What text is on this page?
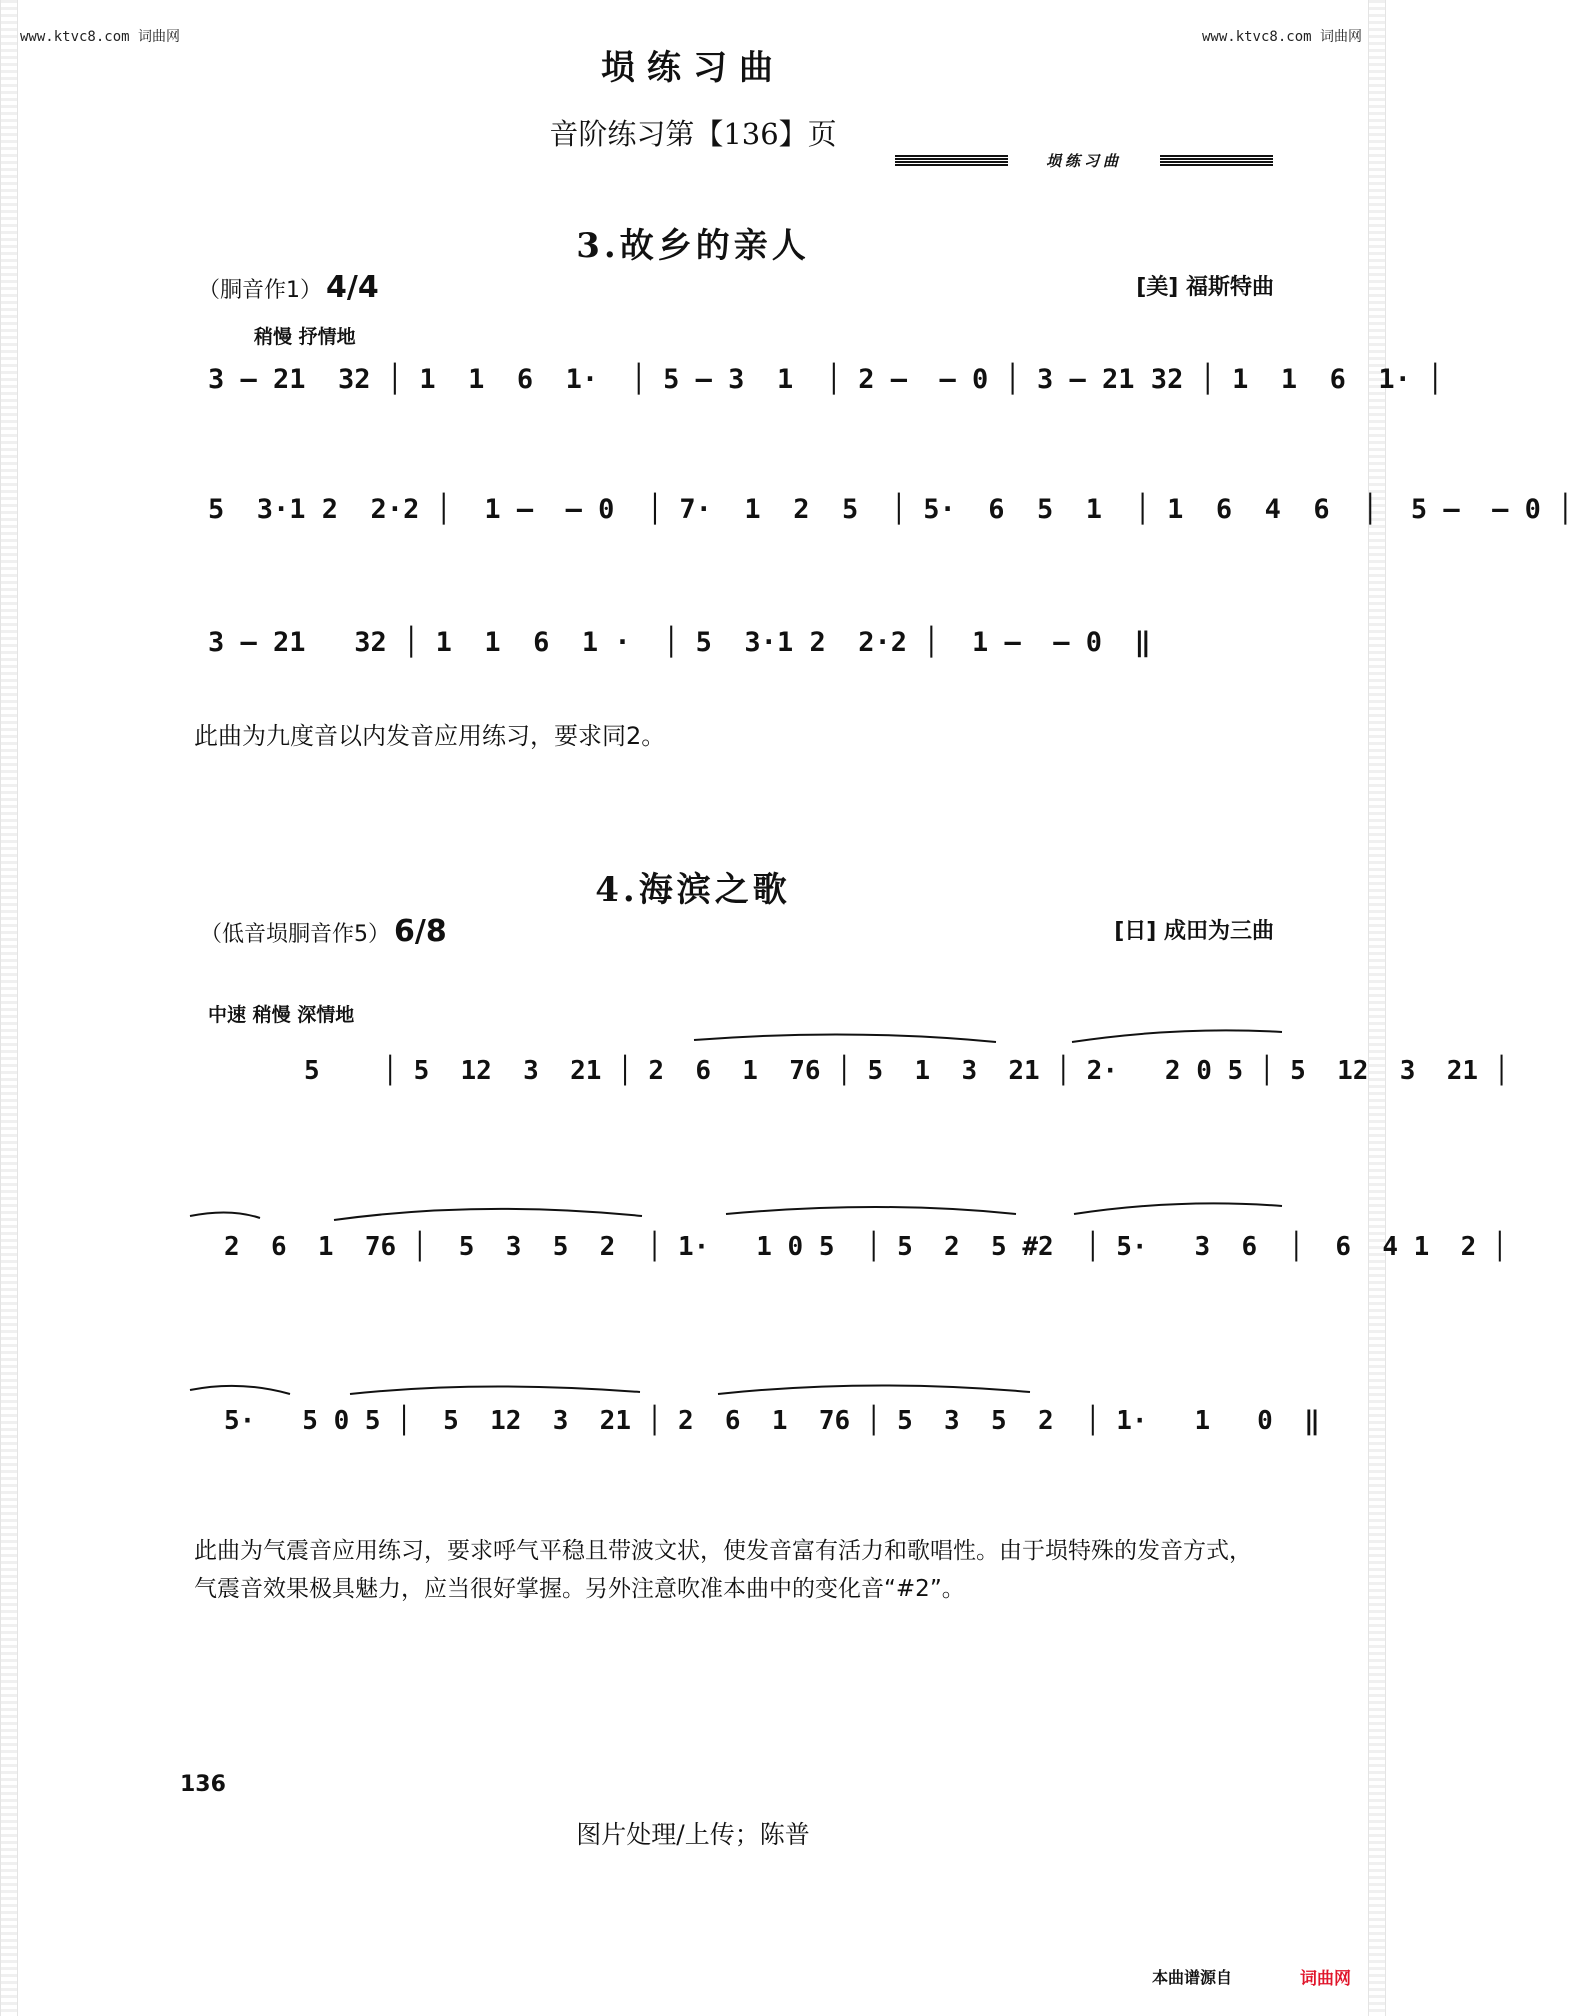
www.ktvc8.com 词曲网	www.ktvc8.com 词曲网
埙练习曲
音阶练习第【136】页
埙练习曲
3.故乡的亲人
（胴音作1） 4/4	[美] 福斯特曲
稍慢 抒情地
3 — 21  32 │ 1  1  6  1·  │ 5 — 3  1  │ 2 —  — 0 │ 3 — 21 32 │ 1  1  6  1· │
5  3·1 2  2·2 │  1 —  — 0  │ 7·  1  2  5  │ 5·  6  5  1  │ 1  6  4  6  │  5 —  — 0 │
3 — 21   32 │ 1  1  6  1 ·  │ 5  3·1 2  2·2 │  1 —  — 0  ‖
此曲为九度音以内发音应用练习，要求同2。
4.海滨之歌
（低音埙胴音作5） 6/8	[日] 成田为三曲
中速 稍慢 深情地
5    │ 5  12  3  21 │ 2  6  1  76 │ 5  1  3  21 │ 2·   2 0 5 │ 5  12  3  21 │
2  6  1  76 │  5  3  5  2  │ 1·   1 0 5  │ 5  2  5 #2  │ 5·   3  6  │  6  4 1  2 │
5·   5 0 5 │  5  12  3  21 │ 2  6  1  76 │ 5  3  5  2  │ 1·   1   0  ‖
此曲为气震音应用练习，要求呼气平稳且带波文状，使发音富有活力和歌唱性。由于埙特殊的发音方式，气震音效果极具魅力，应当很好掌握。另外注意吹准本曲中的变化音“#2”。
136
图片处理/上传；陈普
本曲谱源自	词曲网
